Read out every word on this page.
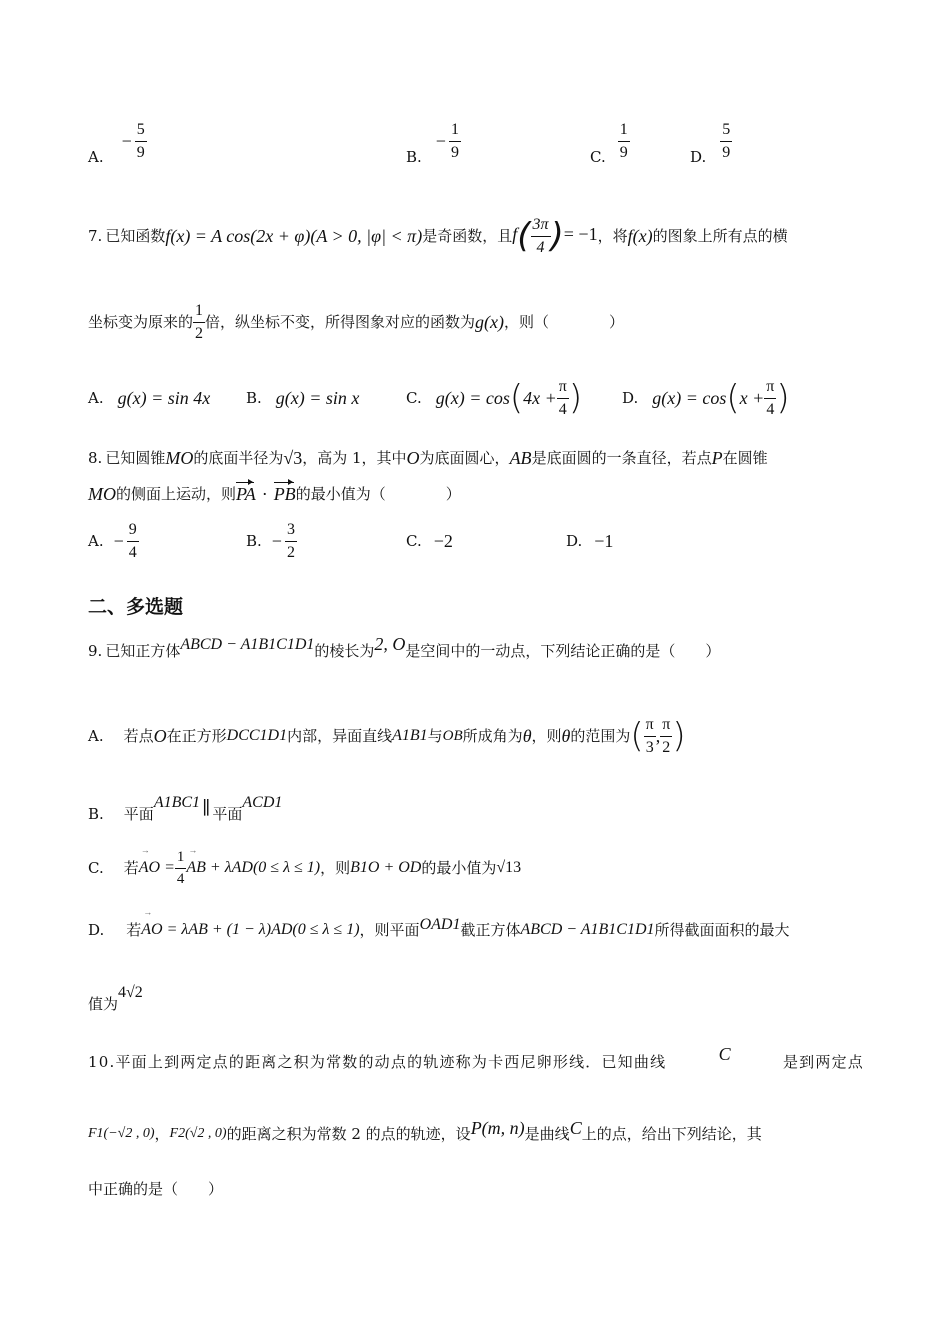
A.
− $\frac{5}{9}$	B.
− $\frac{1}{9}$	C. $\frac{1}{9}$	D. $\frac{5}{9}$
7. 已知函数 f(x) = A cos(2x + φ)(A > 0, |φ| < π) 是奇函数，且 $f( \frac{3\pi}{4}$ )= −1 ，将 f(x) 的图象上所有点的横
坐标变为原来的 $\frac{1}{2}$ 倍，纵坐标不变，所得图象对应的函数为 g(x) ，则（　　　　）
A. g(x) = sin 4x B. g(x) = sin x	C. g(x) = cos ( $4x + \frac{\pi}{4}$ )	D. g(x) = cos ( $x + \frac{\pi}{4}$ )
8. 已知圆锥 MO 的底面半径为 √3 ，高为 1，其中 O 为底面圆心， AB 是底面圆的一条直径，若点 P 在圆锥
MO 的侧面上运动，则 PA · PB 的最小值为（　　　　）
A. − $\frac{9}{4}$	B. − $\frac{3}{2}$	C. −2	D. −1
二、多选题
9. 已知正方体 ABCD − A1B1C1D1 的棱长为 2, O 是空间中的一动点，下列结论正确的是（　　）
A. 若点 O 在正方形 DCC1D1 内部，异面直线 A1B1 与 OB 所成角为 θ ，则 θ 的范围为 ( $\frac{\pi}{3}$ , $\frac{\pi}{2}$ )
B. 平面
A1BC1 ∥ 平面
ACD1
C. 若 → AO = $\frac{1}{4}$ → AB + λAD(0 ≤ λ ≤ 1) ，则 B1O + OD 的最小值为 √13
D. 若 → AO = λAB + (1 − λ)AD(0 ≤ λ ≤ 1) ，则平面 OAD1 截正方体 ABCD − A1B1C1D1 所得截面面积的最大
值为
4√2
10.平面上到两定点的距离之积为常数的动点的轨迹称为卡西尼卵形线．已知曲线	C	是到两定点
F1(−√2 , 0) ， F2(√2 , 0) 的距离之积为常数 2 的点的轨迹，设 P(m, n) 是曲线 C 上的点，给出下列结论，其
中正确的是（　　）
